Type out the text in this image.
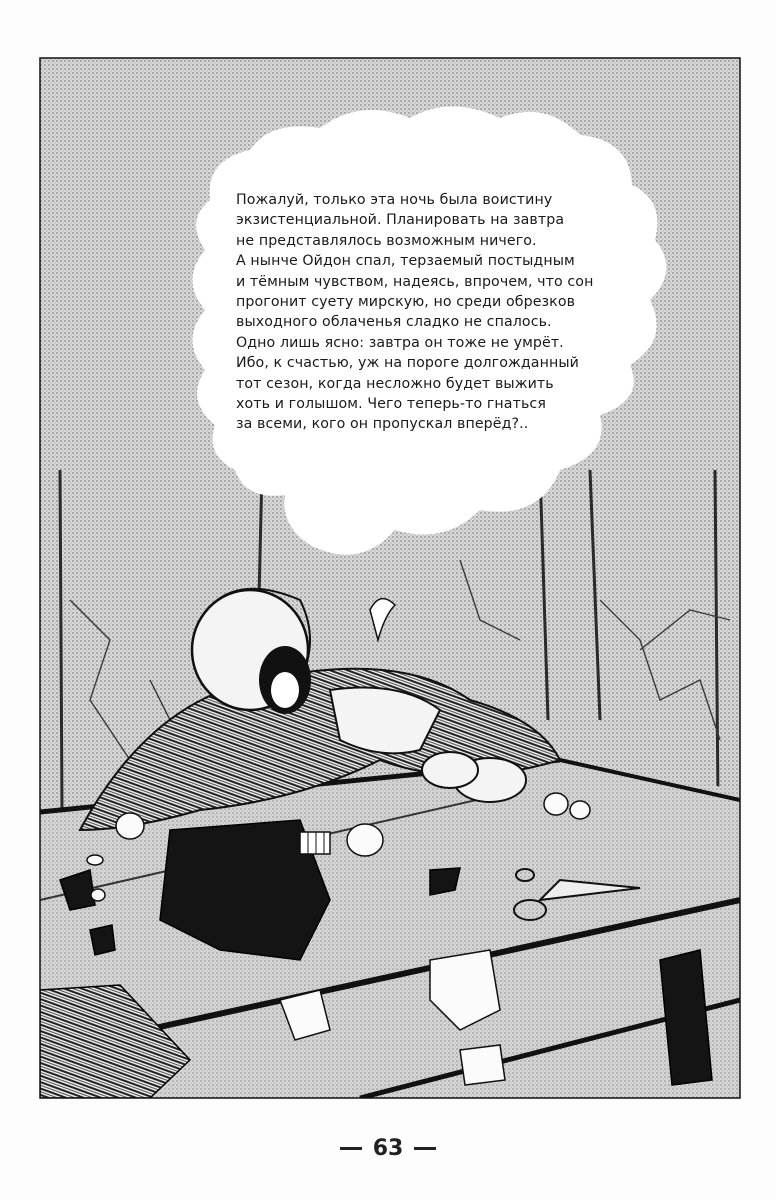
Пожалуй, только эта ночь была воистину
экзистенциальной. Планировать на завтра
не представлялось возможным ничего.
А нынче Ойдон спал, терзаемый постыдным
и тёмным чувством, надеясь, впрочем, что сон
прогонит суету мирскую, но среди обрезков
выходного облаченья сладко не спалось.
Одно лишь ясно: завтра он тоже не умрёт.
Ибо, к счастью, уж на пороге долгожданный
тот сезон, когда несложно будет выжить
хоть и голышом. Чего теперь-то гнаться
за всеми, кого он пропускал вперёд?..
63
